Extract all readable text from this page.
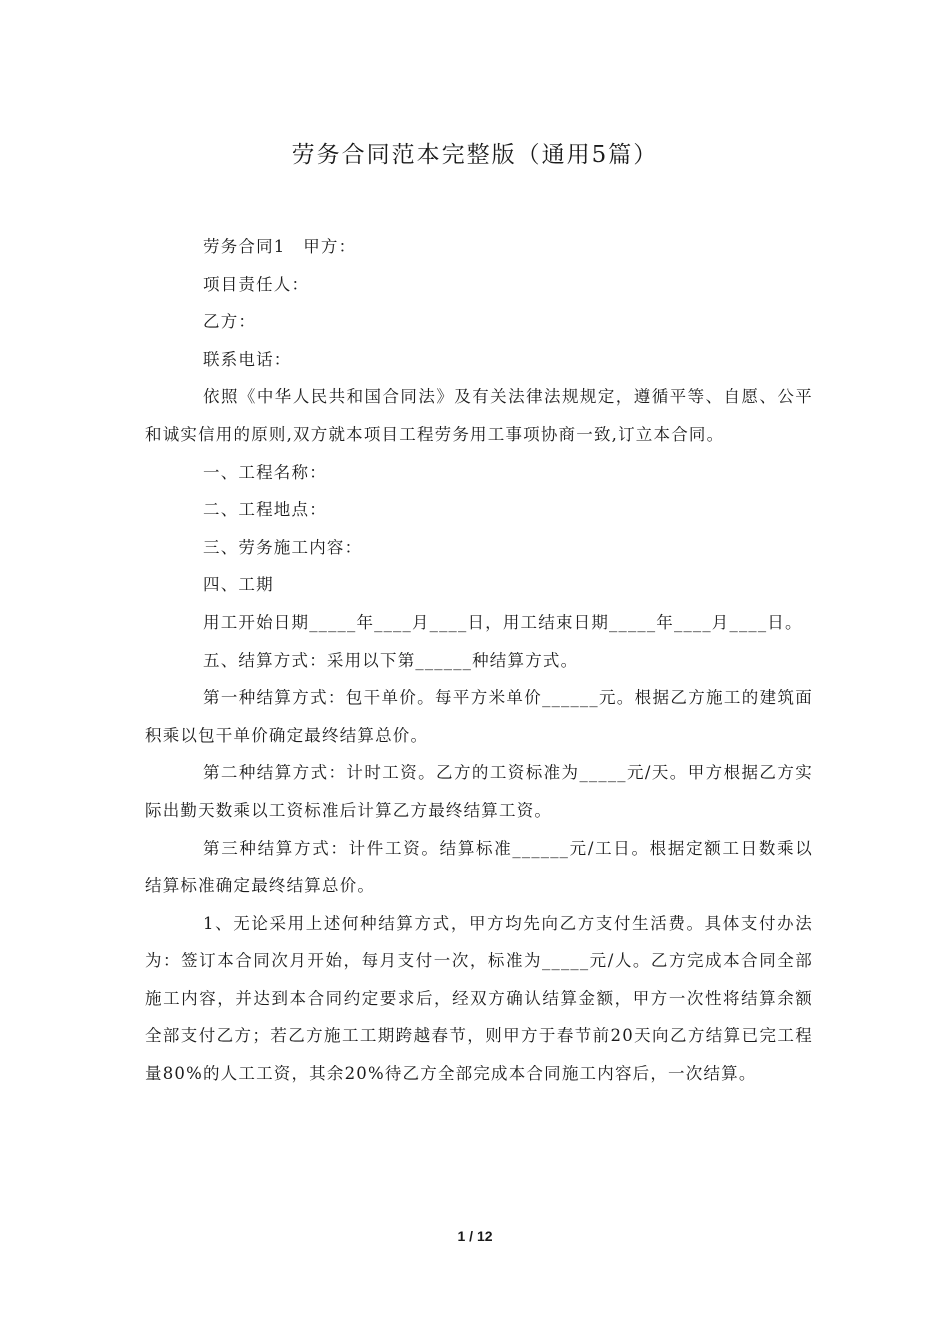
劳务合同范本完整版（通用5篇）

劳务合同1　甲方：

项目责任人：

乙方：

联系电话：

依照《中华人民共和国合同法》及有关法律法规规定，遵循平等、自愿、公平和诚实信用的原则,双方就本项目工程劳务用工事项协商一致,订立本合同。

一、工程名称：

二、工程地点：

三、劳务施工内容：

四、工期

用工开始日期_____年____月____日，用工结束日期_____年____月____日。

五、结算方式：采用以下第______种结算方式。

第一种结算方式：包干单价。每平方米单价______元。根据乙方施工的建筑面积乘以包干单价确定最终结算总价。

第二种结算方式：计时工资。乙方的工资标准为_____元/天。甲方根据乙方实际出勤天数乘以工资标准后计算乙方最终结算工资。

第三种结算方式：计件工资。结算标准______元/工日。根据定额工日数乘以结算标准确定最终结算总价。

1、无论采用上述何种结算方式，甲方均先向乙方支付生活费。具体支付办法为：签订本合同次月开始，每月支付一次，标准为_____元/人。乙方完成本合同全部施工内容，并达到本合同约定要求后，经双方确认结算金额，甲方一次性将结算余额全部支付乙方；若乙方施工工期跨越春节，则甲方于春节前20天向乙方结算已完工程量80%的人工工资，其余20%待乙方全部完成本合同施工内容后，一次结算。

1 / 12
